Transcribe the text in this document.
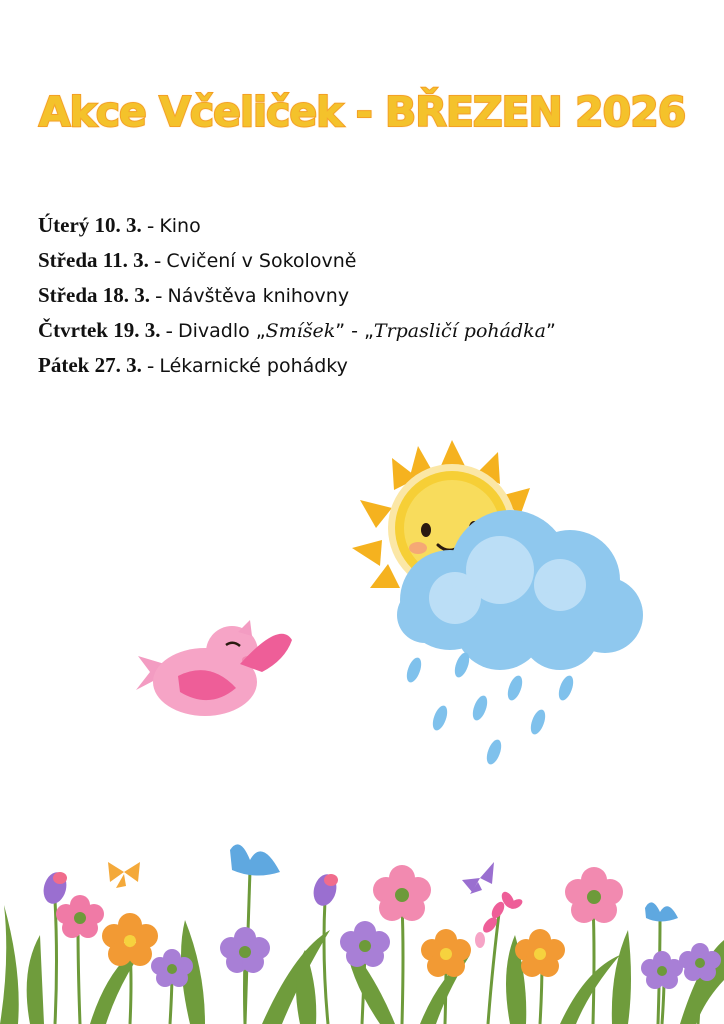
Akce Včeliček - BŘEZEN 2026
Úterý 10. 3. - Kino
Středa 11. 3. - Cvičení v Sokolovně
Středa 18. 3. - Návštěva knihovny
Čtvrtek 19. 3. - Divadlo „Smíšek” - „Trpasličí pohádka”
Pátek 27. 3. - Lékarnické pohádky
